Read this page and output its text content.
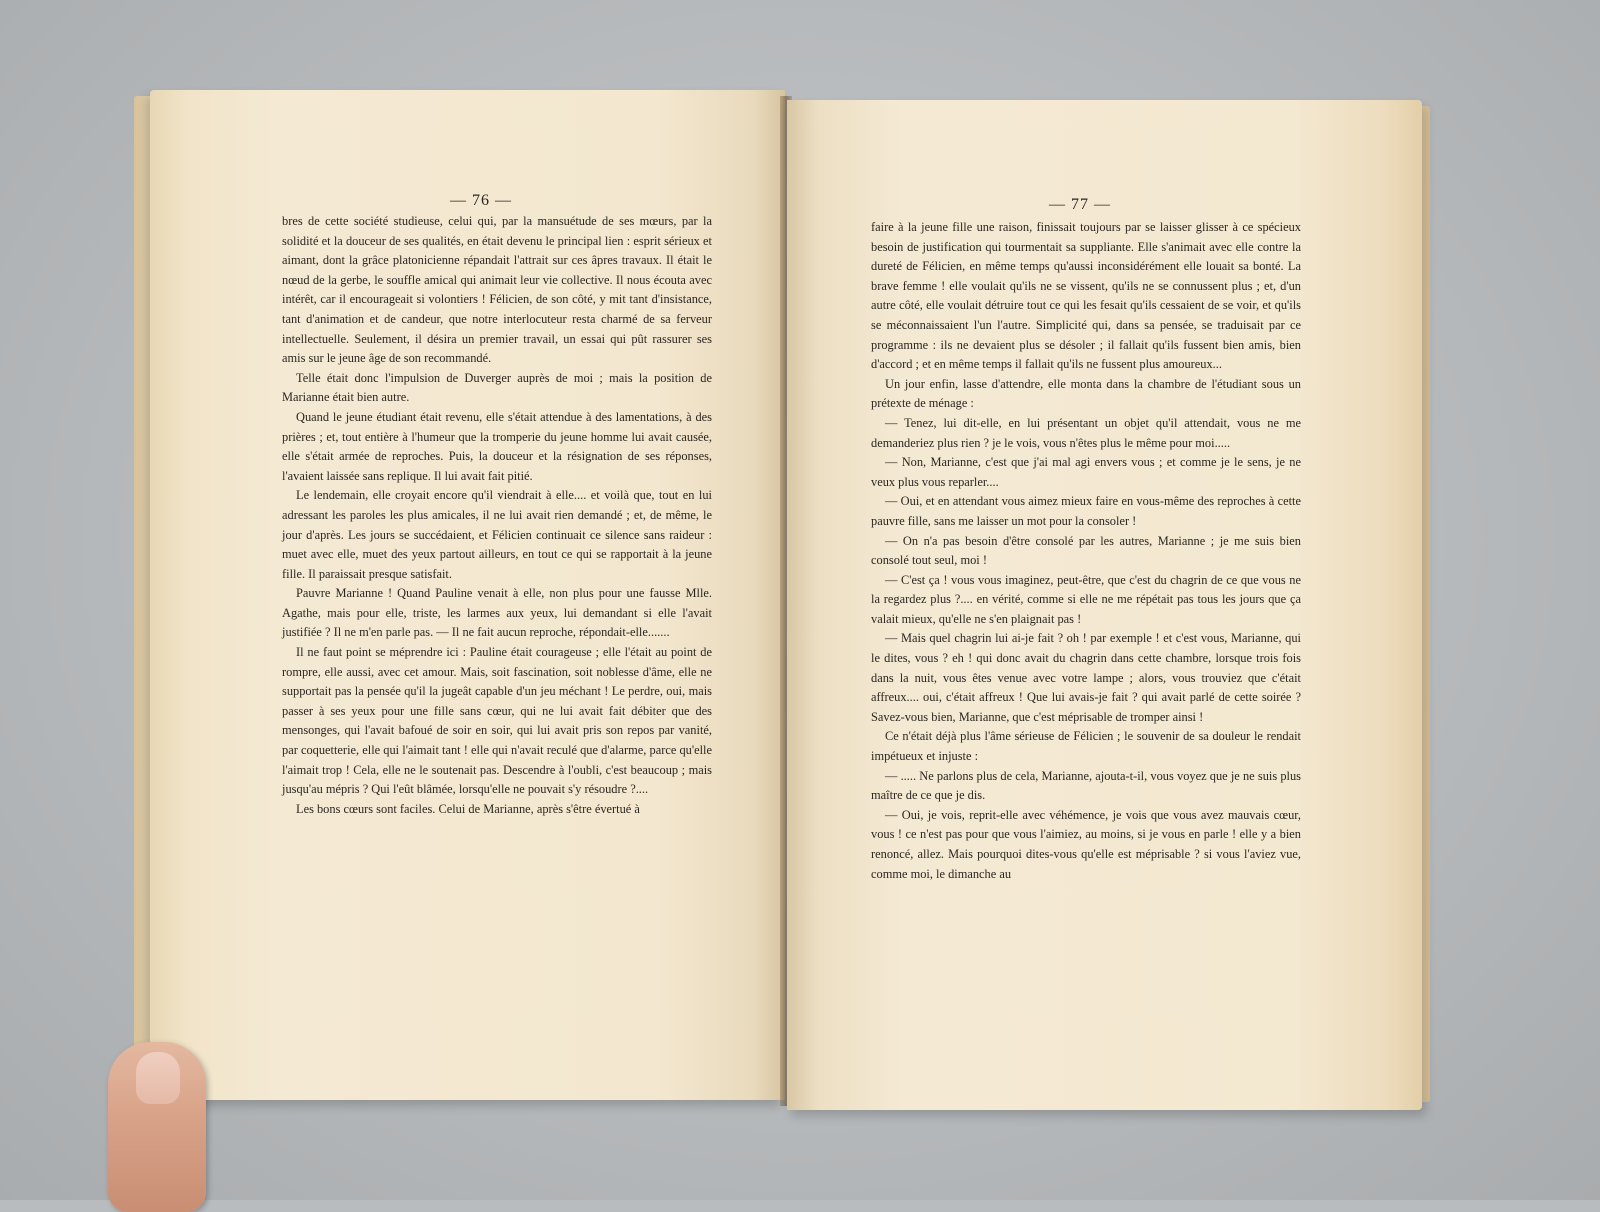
— 76 —

bres de cette société studieuse, celui qui, par la mansuétude de ses mœurs, par la solidité et la douceur de ses qualités, en était devenu le principal lien : esprit sérieux et aimant, dont la grâce platonicienne répandait l'attrait sur ces âpres travaux. Il était le nœud de la gerbe, le souffle amical qui animait leur vie collective. Il nous écouta avec intérêt, car il encourageait si volontiers ! Félicien, de son côté, y mit tant d'insistance, tant d'animation et de candeur, que notre interlocuteur resta charmé de sa ferveur intellectuelle. Seulement, il désira un premier travail, un essai qui pût rassurer ses amis sur le jeune âge de son recommandé.

Telle était donc l'impulsion de Duverger auprès de moi ; mais la position de Marianne était bien autre.

Quand le jeune étudiant était revenu, elle s'était attendue à des lamentations, à des prières ; et, tout entière à l'humeur que la tromperie du jeune homme lui avait causée, elle s'était armée de reproches. Puis, la douceur et la résignation de ses réponses, l'avaient laissée sans replique. Il lui avait fait pitié.

Le lendemain, elle croyait encore qu'il viendrait à elle.... et voilà que, tout en lui adressant les paroles les plus amicales, il ne lui avait rien demandé ; et, de même, le jour d'après. Les jours se succédaient, et Félicien continuait ce silence sans raideur : muet avec elle, muet des yeux partout ailleurs, en tout ce qui se rapportait à la jeune fille. Il paraissait presque satisfait.

Pauvre Marianne ! Quand Pauline venait à elle, non plus pour une fausse Mlle. Agathe, mais pour elle, triste, les larmes aux yeux, lui demandant si elle l'avait justifiée ? Il ne m'en parle pas. — Il ne fait aucun reproche, répondait-elle.......

Il ne faut point se méprendre ici : Pauline était courageuse ; elle l'était au point de rompre, elle aussi, avec cet amour. Mais, soit fascination, soit noblesse d'âme, elle ne supportait pas la pensée qu'il la jugeât capable d'un jeu méchant ! Le perdre, oui, mais passer à ses yeux pour une fille sans cœur, qui ne lui avait fait débiter que des mensonges, qui l'avait bafoué de soir en soir, qui lui avait pris son repos par vanité, par coquetterie, elle qui l'aimait tant ! elle qui n'avait reculé que d'alarme, parce qu'elle l'aimait trop ! Cela, elle ne le soutenait pas. Descendre à l'oubli, c'est beaucoup ; mais jusqu'au mépris ? Qui l'eût blâmée, lorsqu'elle ne pouvait s'y résoudre ?....

Les bons cœurs sont faciles. Celui de Marianne, après s'être évertué à

— 77 —

faire à la jeune fille une raison, finissait toujours par se laisser glisser à ce spécieux besoin de justification qui tourmentait sa suppliante. Elle s'animait avec elle contre la dureté de Félicien, en même temps qu'aussi inconsidérément elle louait sa bonté. La brave femme ! elle voulait qu'ils ne se vissent, qu'ils ne se connussent plus ; et, d'un autre côté, elle voulait détruire tout ce qui les fesait qu'ils cessaient de se voir, et qu'ils se méconnaissaient l'un l'autre. Simplicité qui, dans sa pensée, se traduisait par ce programme : ils ne devaient plus se désoler ; il fallait qu'ils fussent bien amis, bien d'accord ; et en même temps il fallait qu'ils ne fussent plus amoureux...

Un jour enfin, lasse d'attendre, elle monta dans la chambre de l'étudiant sous un prétexte de ménage :

— Tenez, lui dit-elle, en lui présentant un objet qu'il attendait, vous ne me demanderiez plus rien ? je le vois, vous n'êtes plus le même pour moi.....

— Non, Marianne, c'est que j'ai mal agi envers vous ; et comme je le sens, je ne veux plus vous reparler....

— Oui, et en attendant vous aimez mieux faire en vous-même des reproches à cette pauvre fille, sans me laisser un mot pour la consoler !

— On n'a pas besoin d'être consolé par les autres, Marianne ; je me suis bien consolé tout seul, moi !

— C'est ça ! vous vous imaginez, peut-être, que c'est du chagrin de ce que vous ne la regardez plus ?.... en vérité, comme si elle ne me répétait pas tous les jours que ça valait mieux, qu'elle ne s'en plaignait pas !

— Mais quel chagrin lui ai-je fait ? oh ! par exemple ! et c'est vous, Marianne, qui le dites, vous ? eh ! qui donc avait du chagrin dans cette chambre, lorsque trois fois dans la nuit, vous êtes venue avec votre lampe ; alors, vous trouviez que c'était affreux.... oui, c'était affreux ! Que lui avais-je fait ? qui avait parlé de cette soirée ? Savez-vous bien, Marianne, que c'est méprisable de tromper ainsi !

Ce n'était déjà plus l'âme sérieuse de Félicien ; le souvenir de sa douleur le rendait impétueux et injuste :

— ..... Ne parlons plus de cela, Marianne, ajouta-t-il, vous voyez que je ne suis plus maître de ce que je dis.

— Oui, je vois, reprit-elle avec véhémence, je vois que vous avez mauvais cœur, vous ! ce n'est pas pour que vous l'aimiez, au moins, si je vous en parle ! elle y a bien renoncé, allez. Mais pourquoi dites-vous qu'elle est méprisable ? si vous l'aviez vue, comme moi, le dimanche au
